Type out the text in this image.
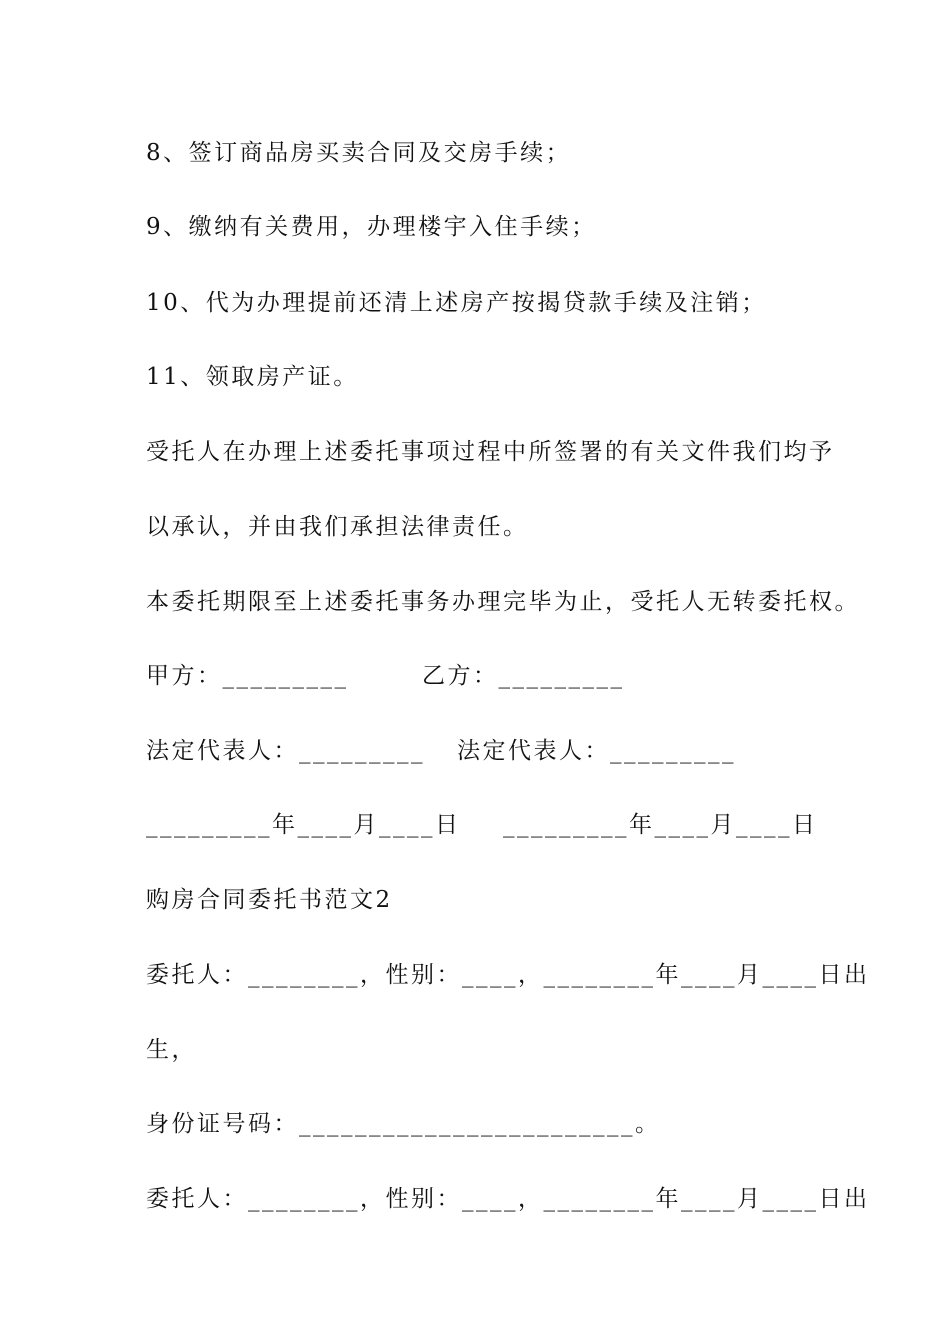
8、签订商品房买卖合同及交房手续；
9、缴纳有关费用，办理楼宇入住手续；
10、代为办理提前还清上述房产按揭贷款手续及注销；
11、领取房产证。
受托人在办理上述委托事项过程中所签署的有关文件我们均予
以承认，并由我们承担法律责任。
本委托期限至上述委托事务办理完毕为止，受托人无转委托权。
甲方：_________	乙方：_________
法定代表人：_________ 法定代表人：_________
_________年____月____日 _________年____月____日
购房合同委托书范文2
委托人：________，性别：____，________年____月____日出
生，
身份证号码：________________________。
委托人：________，性别：____，________年____月____日出
